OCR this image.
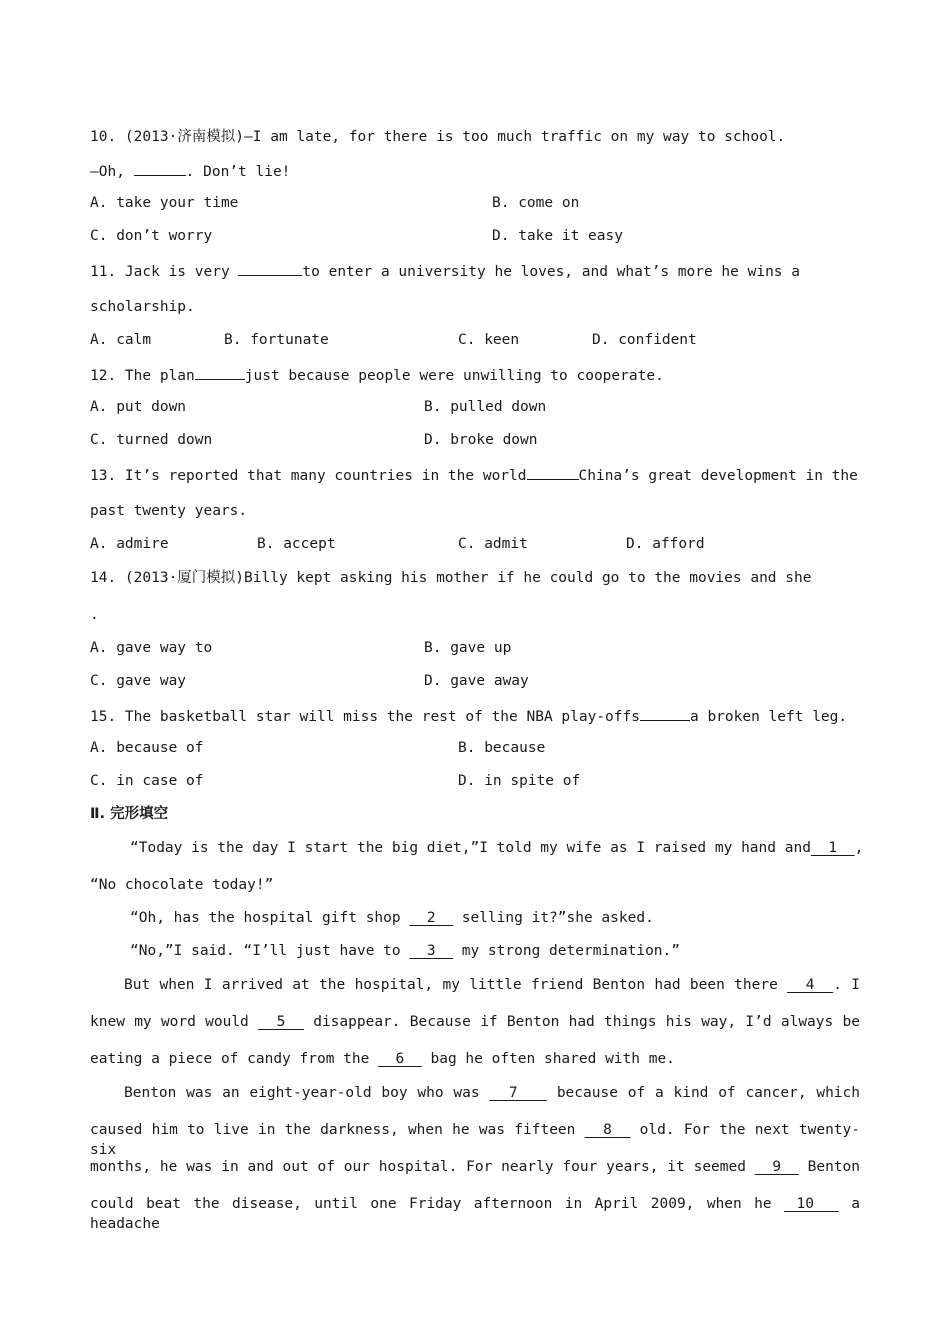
10. (2013·济南模拟)—I am late, for there is too much traffic on my way to school.
—Oh,	. Don’t lie!
A. take your time	B. come on
C. don’t worry	D. take it easy
11. Jack is very	to enter a university he loves, and what’s more he wins a
scholarship.
A. calm	B. fortunate	C. keen	D. confident
12. The plan	just because people were unwilling to cooperate.
A. put down	B. pulled down
C. turned down	D. broke down
13. It’s reported that many countries in the world	China’s great development in the
past twenty years.
A. admire	B. accept	C. admit	D. afford
14. (2013·厦门模拟)Billy kept asking his mother if he could go to the movies and she
.
A. gave way to	B. gave up
C. gave way	D. gave away
15. The basketball star will miss the rest of the NBA play-offs	a broken left leg.
A. because of	B. because
C. in case of	D. in spite of
Ⅱ. 完形填空
“Today is the day I start the big diet,”I told my wife as I raised my hand and  1  ,
“No chocolate today!”
“Oh, has the hospital gift shop   2   selling it?”she asked.
“No,”I said. “I’ll just have to   3   my strong determination.”
But when I arrived at the hospital, my little friend Benton had been there   4  . I
knew my word would   5   disappear. Because if Benton had things his way, I’d always be
eating a piece of candy from the   6   bag he often shared with me.
Benton was an eight-year-old boy who was   7    because of a kind of cancer, which
caused him to live in the darkness, when he was fifteen   8   old. For the next twenty-six
months, he was in and out of our hospital. For nearly four years, it seemed   9   Benton
could beat the disease, until one Friday afternoon in April 2009, when he  10   a headache
